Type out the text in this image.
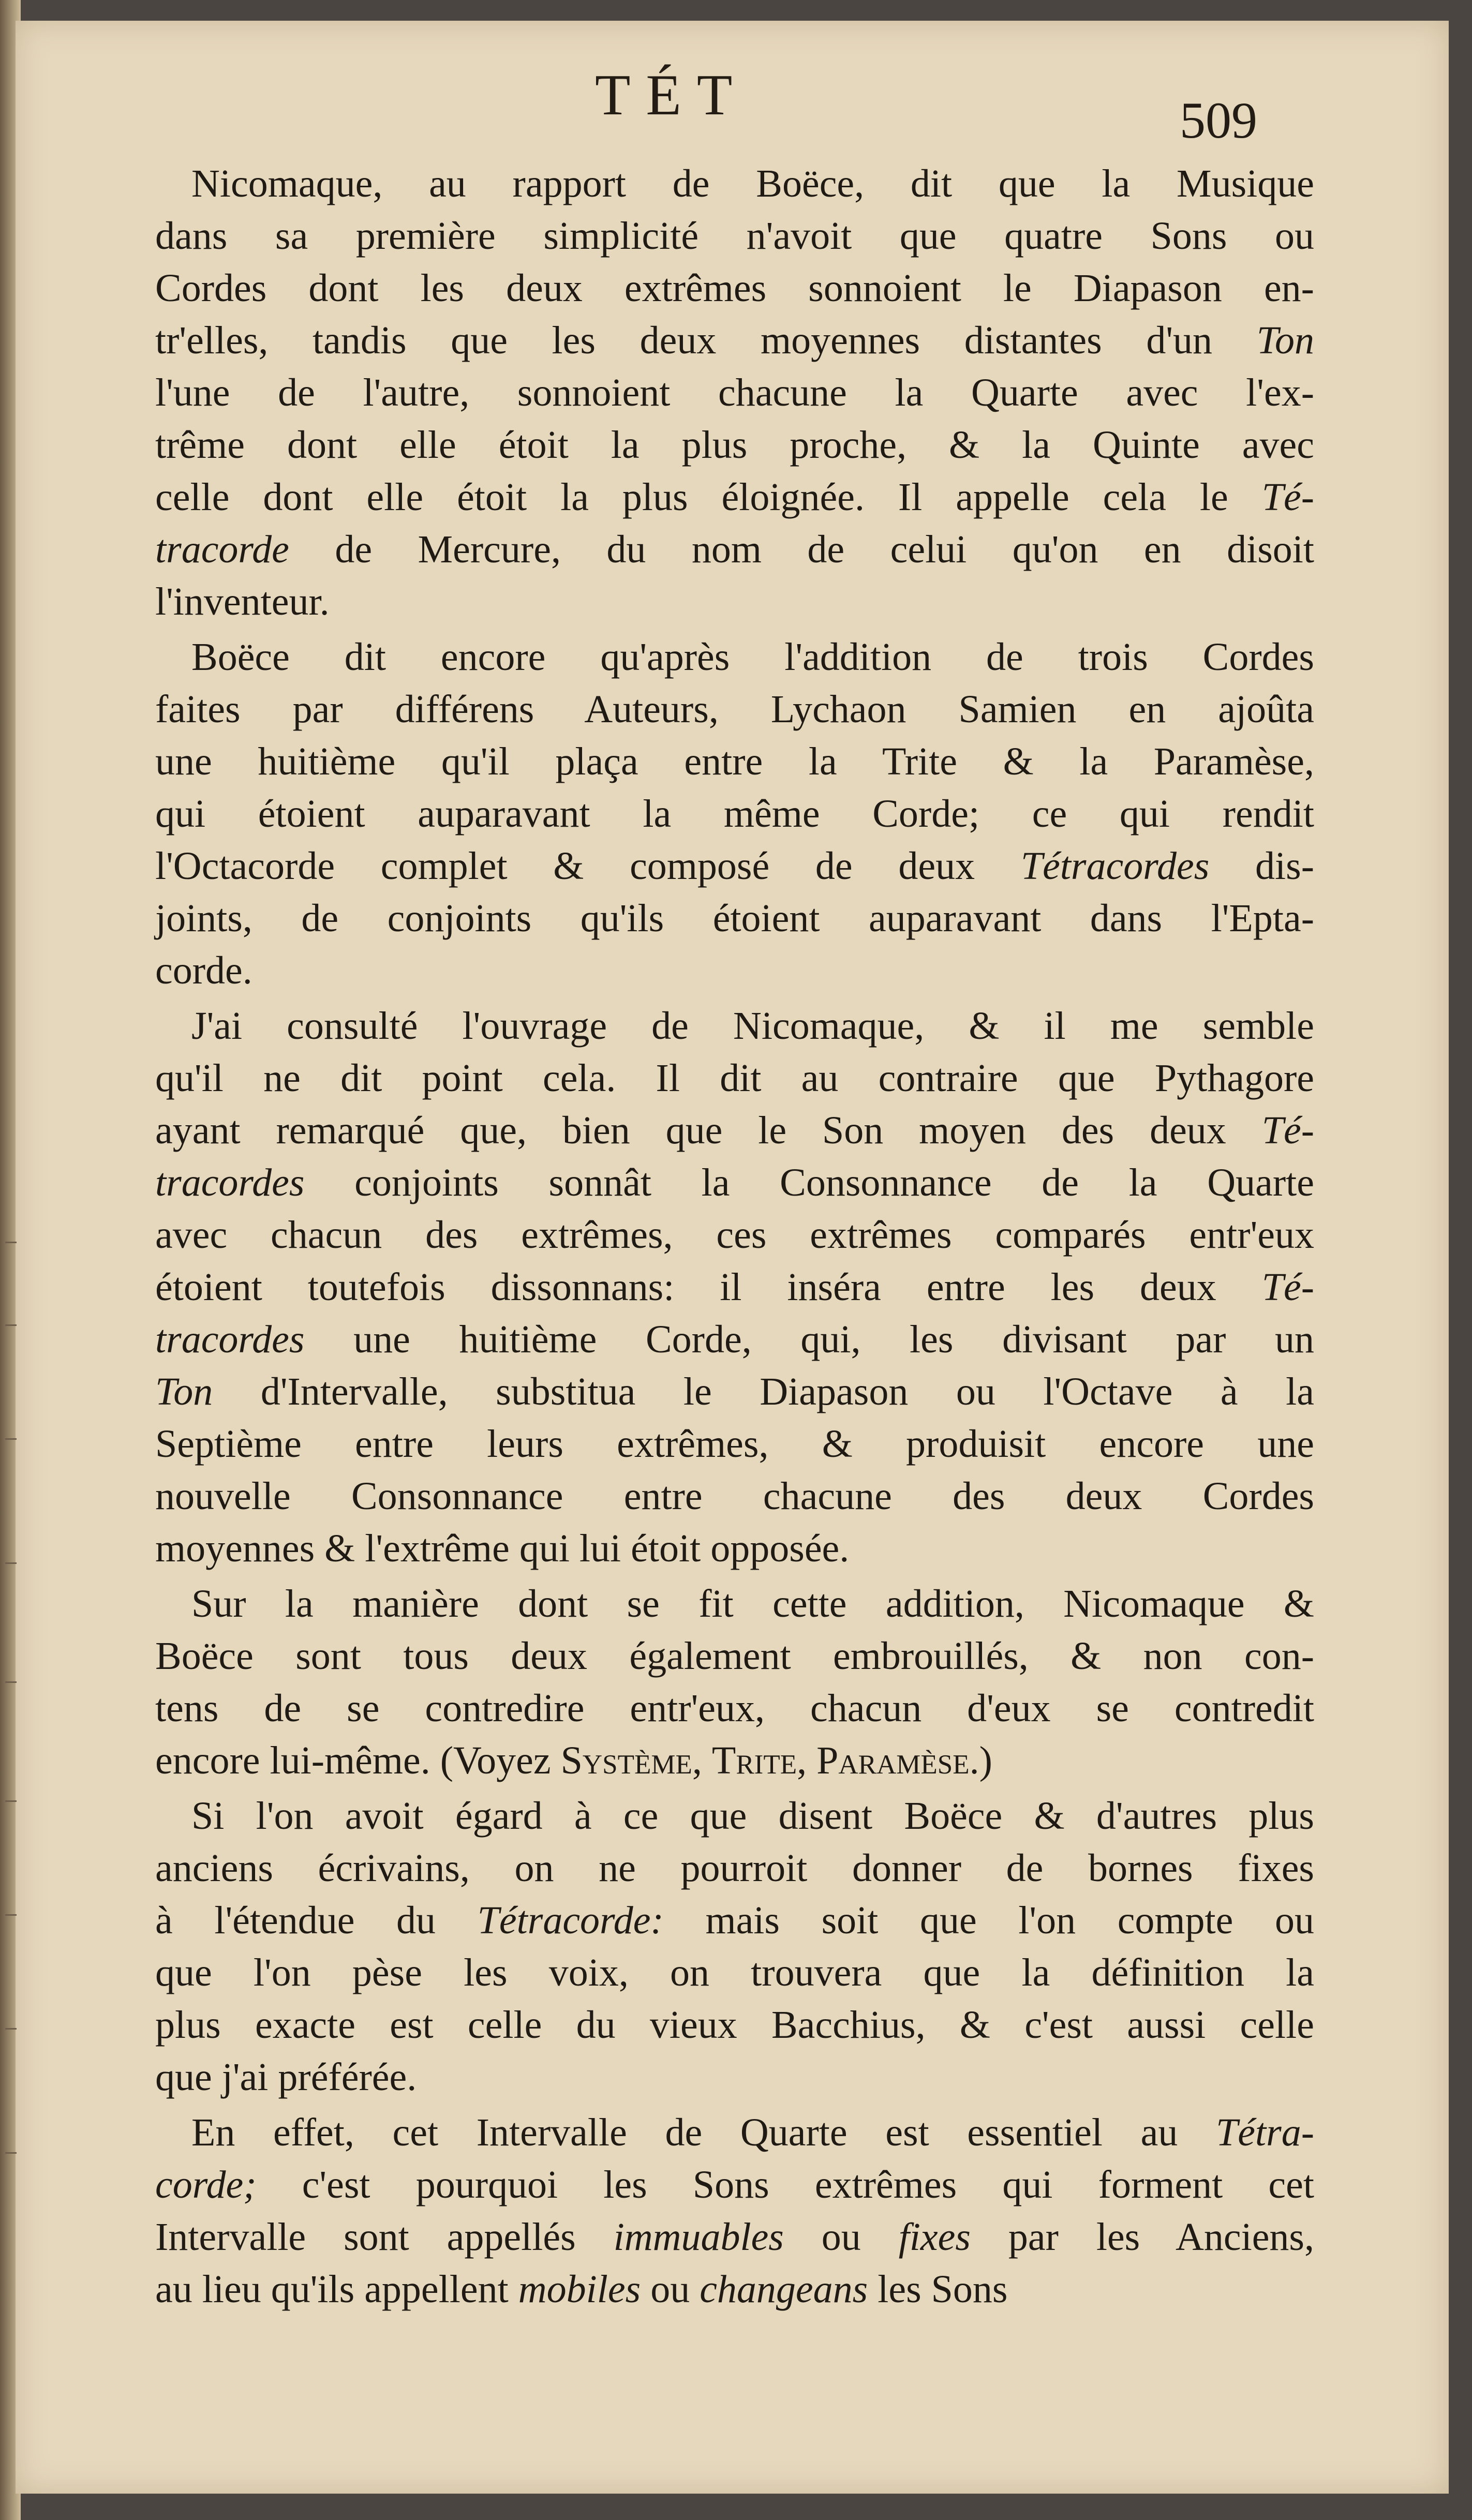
TÉT	509
Nicomaque, au rapport de Boëce, dit que la Musique
dans sa première simplicité n'avoit que quatre Sons ou
Cordes dont les deux extrêmes sonnoient le Diapason en-
tr'elles, tandis que les deux moyennes distantes d'un Ton
l'une de l'autre, sonnoient chacune la Quarte avec l'ex-
trême dont elle étoit la plus proche, & la Quinte avec
celle dont elle étoit la plus éloignée. Il appelle cela le Té-
tracorde de Mercure, du nom de celui qu'on en disoit
l'inventeur.
Boëce dit encore qu'après l'addition de trois Cordes
faites par différens Auteurs, Lychaon Samien en ajoûta
une huitième qu'il plaça entre la Trite & la Paramèse,
qui étoient auparavant la même Corde; ce qui rendit
l'Octacorde complet & composé de deux Tétracordes dis-
joints, de conjoints qu'ils étoient auparavant dans l'Epta-
corde.
J'ai consulté l'ouvrage de Nicomaque, & il me semble
qu'il ne dit point cela. Il dit au contraire que Pythagore
ayant remarqué que, bien que le Son moyen des deux Té-
tracordes conjoints sonnât la Consonnance de la Quarte
avec chacun des extrêmes, ces extrêmes comparés entr'eux
étoient toutefois dissonnans: il inséra entre les deux Té-
tracordes une huitième Corde, qui, les divisant par un
Ton d'Intervalle, substitua le Diapason ou l'Octave à la
Septième entre leurs extrêmes, & produisit encore une
nouvelle Consonnance entre chacune des deux Cordes
moyennes & l'extrême qui lui étoit opposée.
Sur la manière dont se fit cette addition, Nicomaque &
Boëce sont tous deux également embrouillés, & non con-
tens de se contredire entr'eux, chacun d'eux se contredit
encore lui-même. (Voyez Système, Trite, Paramèse.)
Si l'on avoit égard à ce que disent Boëce & d'autres plus
anciens écrivains, on ne pourroit donner de bornes fixes
à l'étendue du Tétracorde: mais soit que l'on compte ou
que l'on pèse les voix, on trouvera que la définition la
plus exacte est celle du vieux Bacchius, & c'est aussi celle
que j'ai préférée.
En effet, cet Intervalle de Quarte est essentiel au Tétra-
corde; c'est pourquoi les Sons extrêmes qui forment cet
Intervalle sont appellés immuables ou fixes par les Anciens,
au lieu qu'ils appellent mobiles ou changeans les Sons
